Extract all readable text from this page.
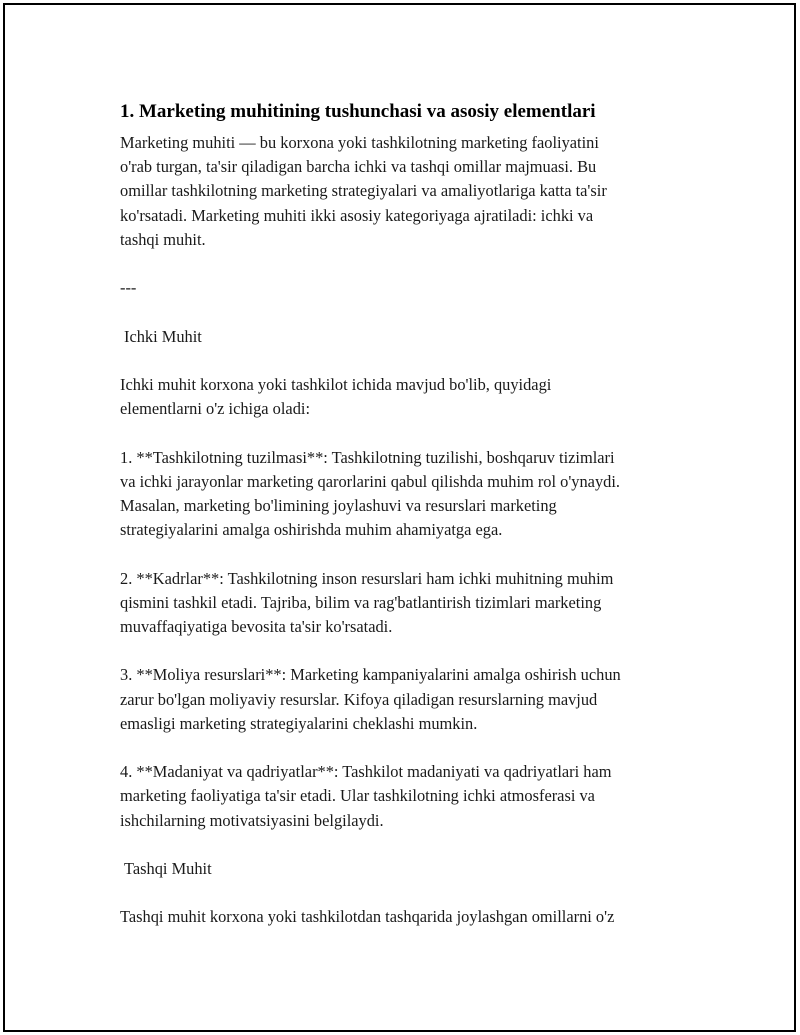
1. Marketing muhitining tushunchasi va asosiy elementlari
Marketing muhiti — bu korxona yoki tashkilotning marketing faoliyatini
o'rab turgan, ta'sir qiladigan barcha ichki va tashqi omillar majmuasi. Bu
omillar tashkilotning marketing strategiyalari va amaliyotlariga katta ta'sir
ko'rsatadi. Marketing muhiti ikki asosiy kategoriyaga ajratiladi: ichki va
tashqi muhit.
---
Ichki Muhit
Ichki muhit korxona yoki tashkilot ichida mavjud bo'lib, quyidagi
elementlarni o'z ichiga oladi:
1. **Tashkilotning tuzilmasi**: Tashkilotning tuzilishi, boshqaruv tizimlari
va ichki jarayonlar marketing qarorlarini qabul qilishda muhim rol o'ynaydi.
Masalan, marketing bo'limining joylashuvi va resurslari marketing
strategiyalarini amalga oshirishda muhim ahamiyatga ega.
2. **Kadrlar**: Tashkilotning inson resurslari ham ichki muhitning muhim
qismini tashkil etadi. Tajriba, bilim va rag'batlantirish tizimlari marketing
muvaffaqiyatiga bevosita ta'sir ko'rsatadi.
3. **Moliya resurslari**: Marketing kampaniyalarini amalga oshirish uchun
zarur bo'lgan moliyaviy resurslar. Kifoya qiladigan resurslarning mavjud
emasligi marketing strategiyalarini cheklashi mumkin.
4. **Madaniyat va qadriyatlar**: Tashkilot madaniyati va qadriyatlari ham
marketing faoliyatiga ta'sir etadi. Ular tashkilotning ichki atmosferasi va
ishchilarning motivatsiyasini belgilaydi.
Tashqi Muhit
Tashqi muhit korxona yoki tashkilotdan tashqarida joylashgan omillarni o'z
